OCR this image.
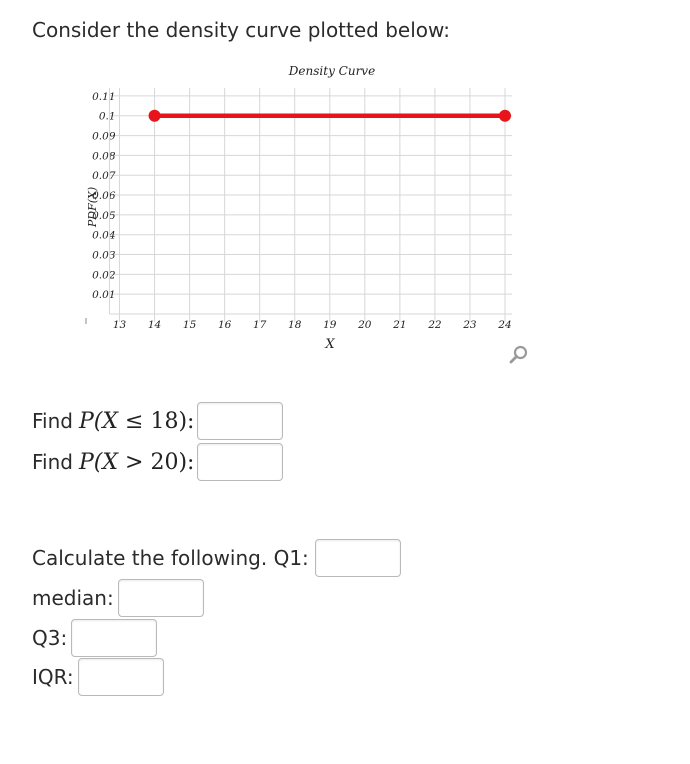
Consider the density curve plotted below:
0.01
0.02
0.03
0.04
0.05
0.06
0.07
0.08
0.09
0.1
0.11
13 14 15 16 17 18 19 20 21 22 23 24
Density Curve
X
PDF(X)
Find P(X ≤ 18):
Find P(X > 20):
Calculate the following. Q1:
median:
Q3:
IQR:
